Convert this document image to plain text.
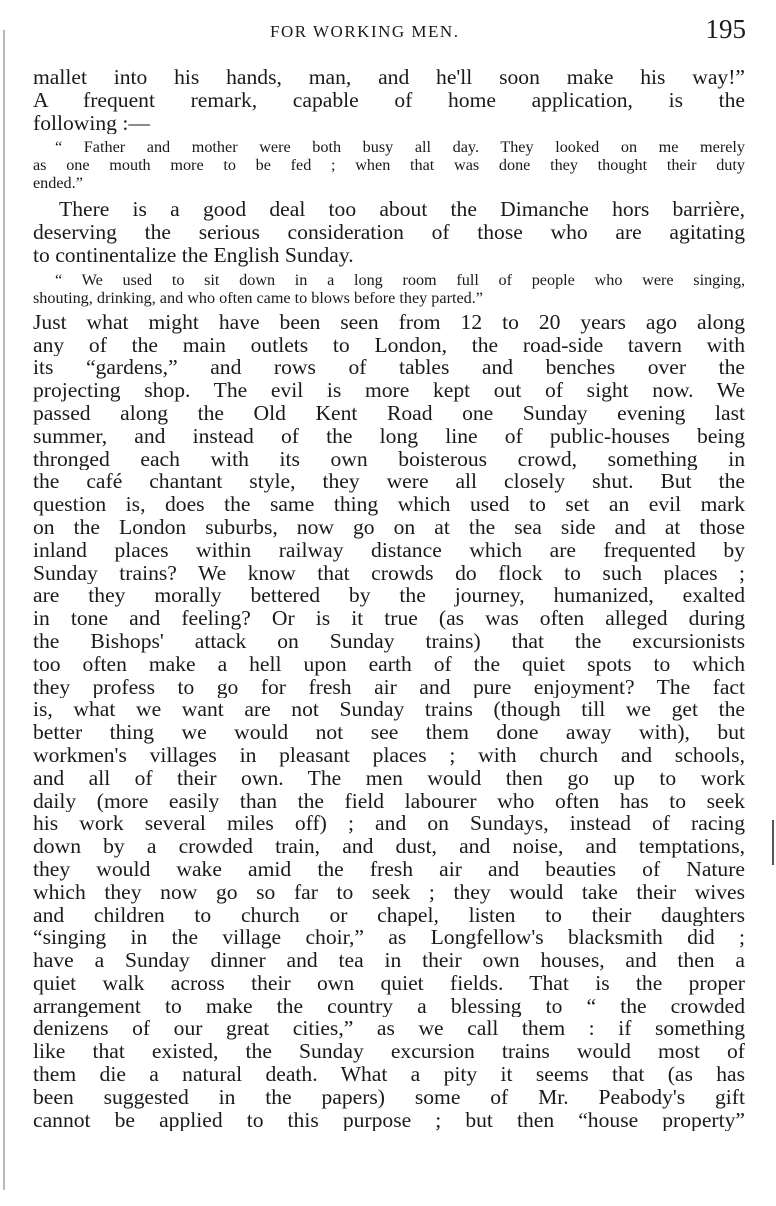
FOR WORKING MEN.	195
mallet into his hands, man, and he'll soon make his way!”
A frequent remark, capable of home application, is the
following :—
“ Father and mother were both busy all day. They looked on me merely
as one mouth more to be fed ; when that was done they thought their duty
ended.”
There is a good deal too about the Dimanche hors barrière,
deserving the serious consideration of those who are agitating
to continentalize the English Sunday.
“ We used to sit down in a long room full of people who were singing,
shouting, drinking, and who often came to blows before they parted.”
Just what might have been seen from 12 to 20 years ago along
any of the main outlets to London, the road-side tavern with
its “gardens,” and rows of tables and benches over the
projecting shop. The evil is more kept out of sight now. We
passed along the Old Kent Road one Sunday evening last
summer, and instead of the long line of public-houses being
thronged each with its own boisterous crowd, something in
the café chantant style, they were all closely shut. But the
question is, does the same thing which used to set an evil mark
on the London suburbs, now go on at the sea side and at those
inland places within railway distance which are frequented by
Sunday trains? We know that crowds do flock to such places ;
are they morally bettered by the journey, humanized, exalted
in tone and feeling? Or is it true (as was often alleged during
the Bishops' attack on Sunday trains) that the excursionists
too often make a hell upon earth of the quiet spots to which
they profess to go for fresh air and pure enjoyment? The fact
is, what we want are not Sunday trains (though till we get the
better thing we would not see them done away with), but
workmen's villages in pleasant places ; with church and schools,
and all of their own. The men would then go up to work
daily (more easily than the field labourer who often has to seek
his work several miles off) ; and on Sundays, instead of racing
down by a crowded train, and dust, and noise, and temptations,
they would wake amid the fresh air and beauties of Nature
which they now go so far to seek ; they would take their wives
and children to church or chapel, listen to their daughters
“singing in the village choir,” as Longfellow's blacksmith did ;
have a Sunday dinner and tea in their own houses, and then a
quiet walk across their own quiet fields. That is the proper
arrangement to make the country a blessing to “ the crowded
denizens of our great cities,” as we call them : if something
like that existed, the Sunday excursion trains would most of
them die a natural death. What a pity it seems that (as has
been suggested in the papers) some of Mr. Peabody's gift
cannot be applied to this purpose ; but then “house property”
